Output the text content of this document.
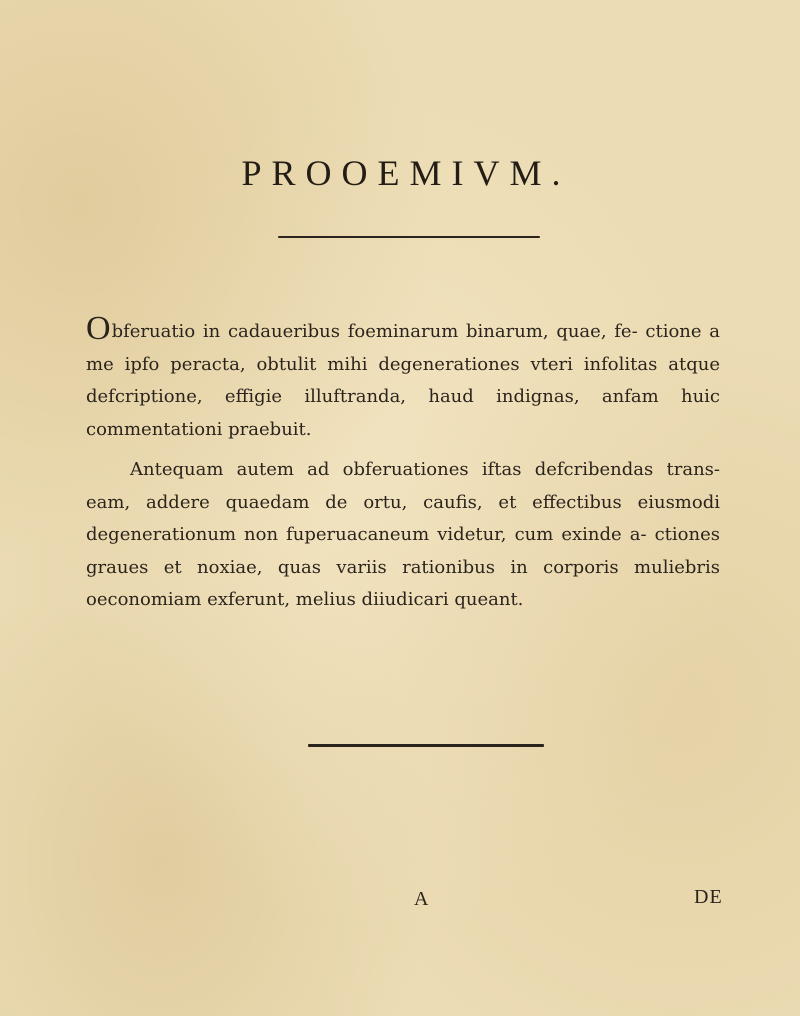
PROOEMIVM.

Obferuatio in cadaueribus foeminarum binarum, quae, fe- ctione a me ipfo peracta, obtulit mihi degenerationes vteri infolitas atque defcriptione, effigie illuftranda, haud indignas, anfam huic commentationi praebuit.

Antequam autem ad obferuationes iftas defcribendas trans- eam, addere quaedam de ortu, caufis, et effectibus eiusmodi degenerationum non fuperuacaneum videtur, cum exinde a- ctiones graues et noxiae, quas variis rationibus in corporis muliebris oeconomiam exferunt, melius diiudicari queant.

A	DE
